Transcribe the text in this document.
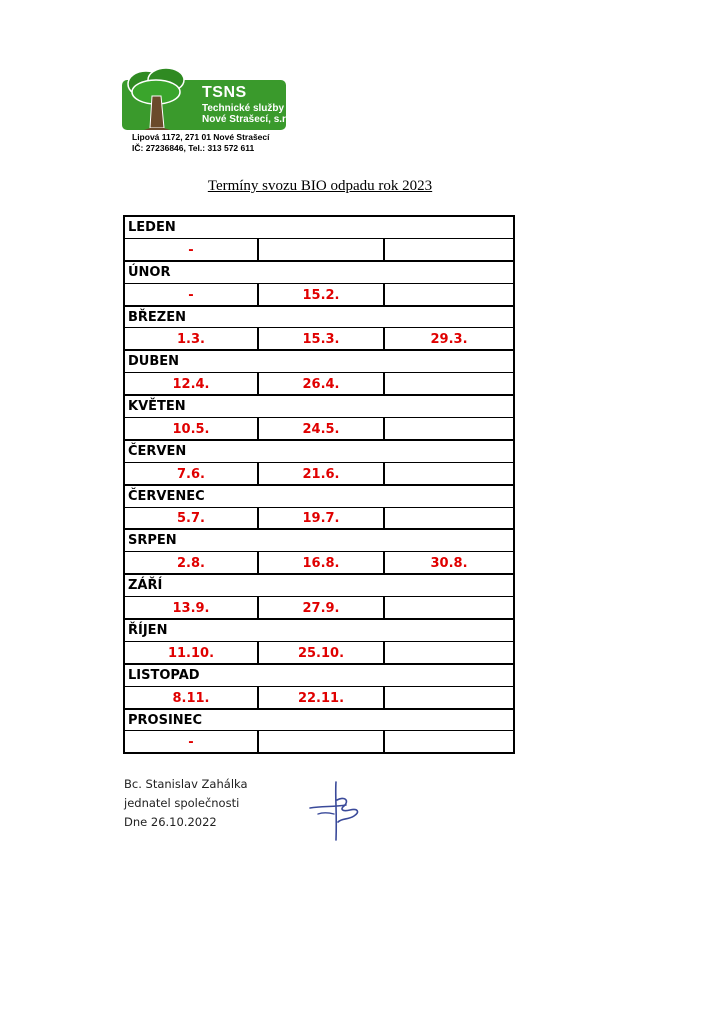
TSNS
Technické služby
Nové Strašecí, s.r.o.
Lipová 1172, 271 01 Nové Strašecí
IČ: 27236846, Tel.: 313 572 611
Termíny svozu BIO odpadu rok 2023
LEDEN		
-		
ÚNOR		
-	15.2.	
BŘEZEN		
1.3.	15.3.	29.3.
DUBEN		
12.4.	26.4.	
KVĚTEN		
10.5.	24.5.	
ČERVEN		
7.6.	21.6.	
ČERVENEC		
5.7.	19.7.	
SRPEN		
2.8.	16.8.	30.8.
ZÁŘÍ		
13.9.	27.9.	
ŘÍJEN		
11.10.	25.10.	
LISTOPAD		
8.11.	22.11.	
PROSINEC		
-		
Bc. Stanislav Zahálka
jednatel společnosti
Dne 26.10.2022
